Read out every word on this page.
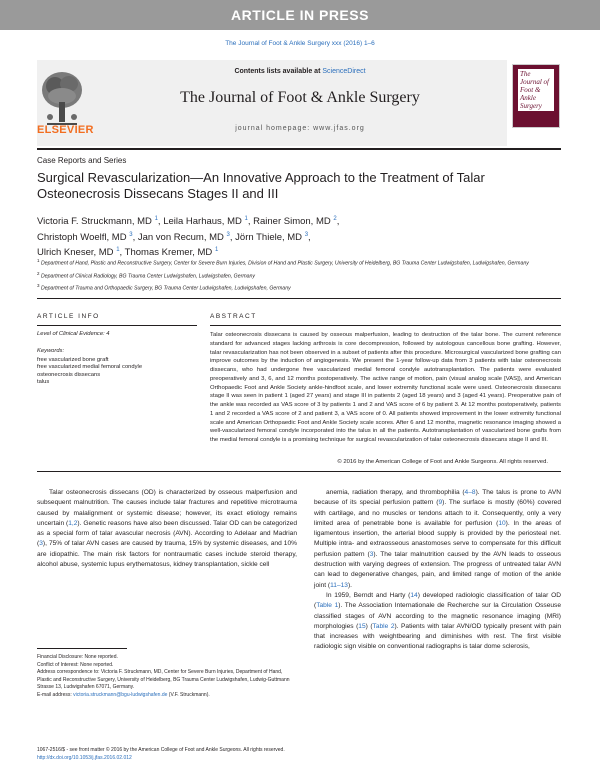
ARTICLE IN PRESS
The Journal of Foot & Ankle Surgery xxx (2016) 1–6
ELSEVIER
Contents lists available at ScienceDirect
The Journal of Foot & Ankle Surgery
journal homepage: www.jfas.org
The Journal of Foot & Ankle Surgery
Case Reports and Series
Surgical Revascularization—An Innovative Approach to the Treatment of Talar Osteonecrosis Dissecans Stages II and III
Victoria F. Struckmann, MD $^1$, Leila Harhaus, MD $^1$, Rainer Simon, MD $^2$,
Christoph Woelfl, MD $^3$, Jan von Recum, MD $^3$, Jörn Thiele, MD $^3$,
Ulrich Kneser, MD $^1$, Thomas Kremer, MD $^1$
$^1$ Department of Hand, Plastic and Reconstructive Surgery, Center for Severe Burn Injuries, Division of Hand and Plastic Surgery, University of Heidelberg, BG Trauma Center Ludwigshafen, Ludwigshafen, Germany
$^2$ Department of Clinical Radiology, BG Trauma Center Ludwigshafen, Ludwigshafen, Germany
$^3$ Department of Trauma and Orthopaedic Surgery, BG Trauma Center Ludwigshafen, Ludwigshafen, Germany
ARTICLE INFO	ABSTRACT
Level of Clinical Evidence: 4
Keywords:
free vascularized bone graft
free vascularized medial femoral condyle
osteonecrosis dissecans
talus
Talar osteonecrosis dissecans is caused by osseous malperfusion, leading to destruction of the talar bone. The current reference standard for advanced stages lacking arthrosis is core decompression, followed by autologous cancellous bone grafting. However, talar revascularization has not been observed in a subset of patients after this procedure. Microsurgical vascularized bone grafting can improve outcomes by the induction of angiogenesis. We present the 1-year follow-up data from 3 patients with talar osteonecrosis dissecans, who had undergone free vascularized medial femoral condyle autotransplantation. The patients were evaluated preoperatively and 3, 6, and 12 months postoperatively. The active range of motion, pain (visual analog scale [VAS]), and American Orthopaedic Foot and Ankle Society ankle-hindfoot scale, and lower extremity functional scale were used. Osteonecrosis dissecans stage II was seen in patient 1 (aged 27 years) and stage III in patients 2 (aged 18 years) and 3 (aged 41 years). Preoperative pain of the ankle was recorded as VAS score of 3 by patients 1 and 2 and VAS score of 6 by patient 3. At 12 months postoperatively, patients 1 and 2 recorded a VAS score of 2 and patient 3, a VAS score of 0. All patients showed improvement in the lower extremity functional scale and American Orthopaedic Foot and Ankle Society scale scores. After 6 and 12 months, magnetic resonance imaging showed a well-vascularized femoral condyle incorporated into the talus in all the patients. Autotransplantation of vascularized bone grafts from the medial femoral condyle is a promising technique for surgical revascularization of talar osteonecrosis dissecans stage II and III.
© 2016 by the American College of Foot and Ankle Surgeons. All rights reserved.

Talar osteonecrosis dissecans (OD) is characterized by osseous malperfusion and subsequent malnutrition. The causes include talar fractures and repetitive microtrauma caused by malalignment or systemic disease; however, its exact etiology remains uncertain (1,2). Genetic reasons have also been discussed. Talar OD can be categorized as a special form of talar avascular necrosis (AVN). According to Adelaar and Madrian (3), 75% of talar AVN cases are caused by trauma, 15% by systemic diseases, and 10% are idiopathic. The main risk factors for nontraumatic cases include steroid therapy, alcohol abuse, systemic lupus erythematosus, kidney transplantation, sickle cell

anemia, radiation therapy, and thrombophilia (4–8). The talus is prone to AVN because of its special perfusion pattern (9). The surface is mostly (60%) covered with cartilage, and no muscles or tendons attach to it. Consequently, only a very limited area of penetrable bone is available for perfusion (10). In the areas of ligamentous insertion, the arterial blood supply is provided by the periosteal net. Multiple intra- and extraosseous anastomoses serve to compensate for this difficult perfusion pattern (3). The talar malnutrition caused by the AVN leads to osseous destruction with varying degrees of extension. The progress of untreated talar AVN can lead to degenerative changes, pain, and limited range of motion of the ankle joint (11–13).

In 1959, Berndt and Harty (14) developed radiologic classification of talar OD (Table 1). The Association Internationale de Recherche sur la Circulation Osseuse classified stages of AVN according to the magnetic resonance imaging (MRI) morphologies (15) (Table 2). Patients with talar AVN/OD typically present with pain that increases with weightbearing and diminishes with rest. The first visible radiologic sign visible on conventional radiographs is talar dome sclerosis,

Financial Disclosure: None reported.

Conflict of Interest: None reported.

Address correspondence to: Victoria F. Struckmann, MD, Center for Severe Burn Injuries, Department of Hand, Plastic and Reconstructive Surgery, University of Heidelberg, BG Trauma Center Ludwigshafen, Ludwig-Guttmann Strasse 13, Ludwigshafen 67071, Germany.

E-mail address: victoria.struckmann@bgu-ludwigshafen.de (V.F. Struckmann).

1067-2516/$ - see front matter © 2016 by the American College of Foot and Ankle Surgeons. All rights reserved.
http://dx.doi.org/10.1053/j.jfas.2016.02.012
